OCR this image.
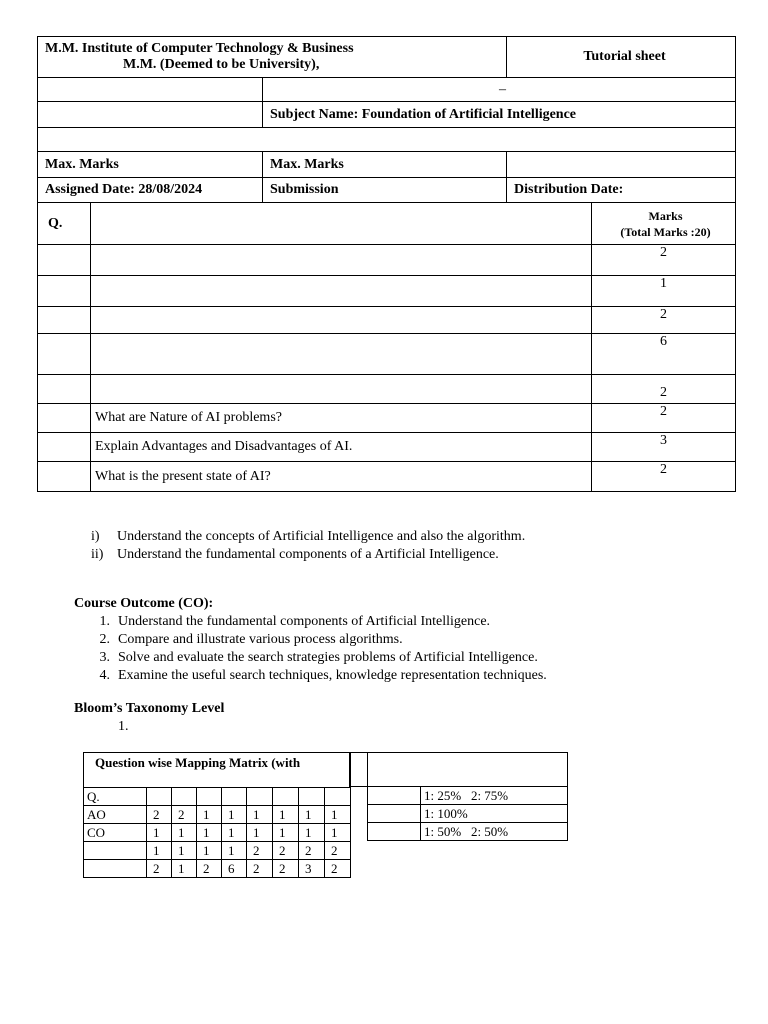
M.M. Institute of Computer Technology & Business
M.M. (Deemed to be University),		Tutorial sheet
	–	
	Subject Name: Foundation of Artificial Intelligence	

Max. Marks	Max. Marks	
Assigned Date: 28/08/2024	Submission	Distribution Date:
Q.		Marks
(Total Marks :20)

		2
		1
		2
		6
		2
	What are Nature of AI problems?	2
	Explain Advantages and Disadvantages of AI.	3
	What is the present state of AI?	2
i) Understand the concepts of Artificial Intelligence and also the algorithm.
ii) Understand the fundamental components of a Artificial Intelligence.
Course Outcome (CO):
1. Understand the fundamental components of Artificial Intelligence.
2. Compare and illustrate various process algorithms.
3. Solve and evaluate the search strategies problems of Artificial Intelligence.
4. Examine the useful search techniques, knowledge representation techniques.
Bloom’s Taxonomy Level
1.
Question wise Mapping Matrix (with								
Q.								
AO	2	2	1	1	1	1	1	1
CO	1	1	1	1	1	1	1	1
	1	1	1	1	2	2	2	2
	2	1	2	6	2	2	3	2

	1: 25%   2: 75%
	1: 100%
	1: 50%   2: 50%
